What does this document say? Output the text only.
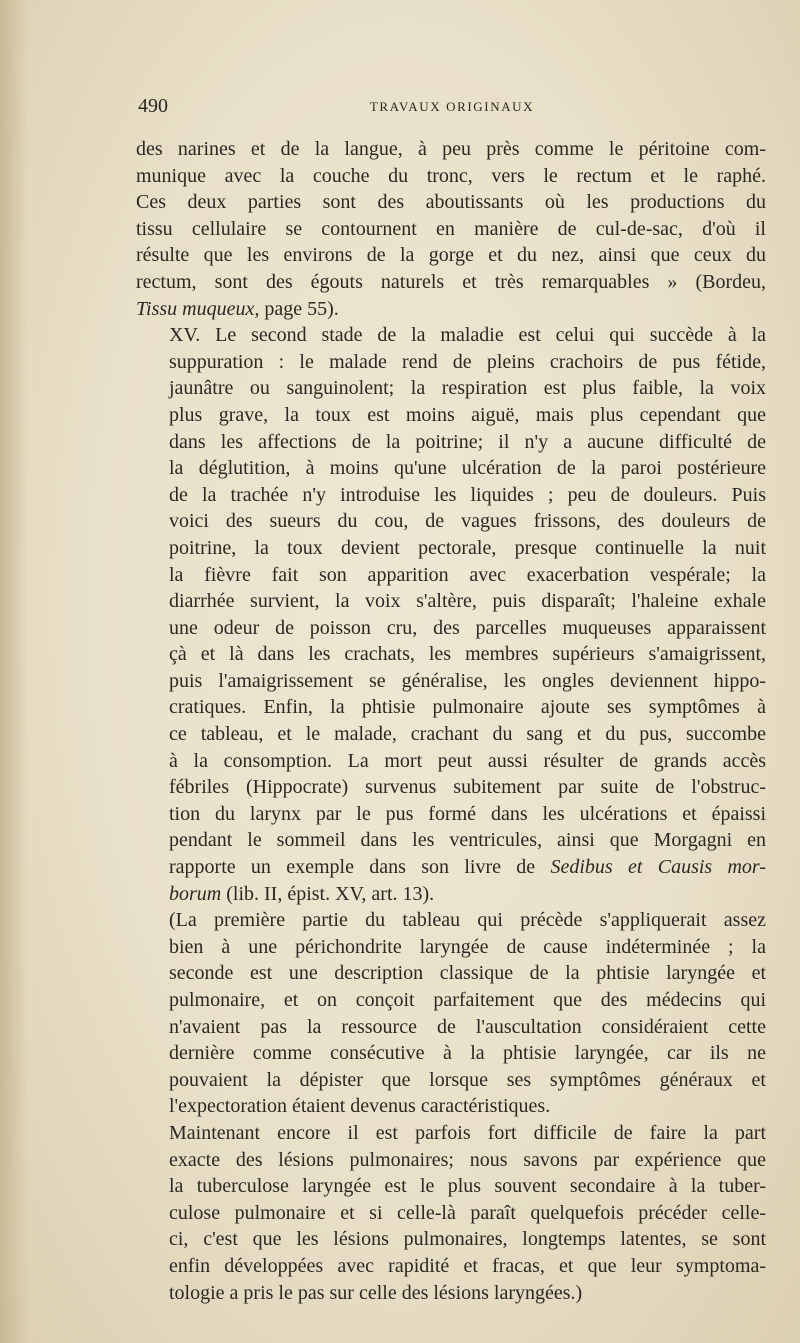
490	TRAVAUX ORIGINAUX

des narines et de la langue, à peu près comme le péritoine com-
munique avec la couche du tronc, vers le rectum et le raphé.
Ces deux parties sont des aboutissants où les productions du
tissu cellulaire se contournent en manière de cul-de-sac, d'où il
résulte que les environs de la gorge et du nez, ainsi que ceux du
rectum, sont des égouts naturels et très remarquables » (Bordeu,
Tissu muqueux, page 55).

XV. Le second stade de la maladie est celui qui succède à la
suppuration : le malade rend de pleins crachoirs de pus fétide,
jaunâtre ou sanguinolent; la respiration est plus faible, la voix
plus grave, la toux est moins aiguë, mais plus cependant que
dans les affections de la poitrine; il n'y a aucune difficulté de
la déglutition, à moins qu'une ulcération de la paroi postérieure
de la trachée n'y introduise les liquides ; peu de douleurs. Puis
voici des sueurs du cou, de vagues frissons, des douleurs de
poitrine, la toux devient pectorale, presque continuelle la nuit
la fièvre fait son apparition avec exacerbation vespérale; la
diarrhée survient, la voix s'altère, puis disparaît; l'haleine exhale
une odeur de poisson cru, des parcelles muqueuses apparaissent
çà et là dans les crachats, les membres supérieurs s'amaigrissent,
puis l'amaigrissement se généralise, les ongles deviennent hippo-
cratiques. Enfin, la phtisie pulmonaire ajoute ses symptômes à
ce tableau, et le malade, crachant du sang et du pus, succombe
à la consomption. La mort peut aussi résulter de grands accès
fébriles (Hippocrate) survenus subitement par suite de l'obstruc-
tion du larynx par le pus formé dans les ulcérations et épaissi
pendant le sommeil dans les ventricules, ainsi que Morgagni en
rapporte un exemple dans son livre de Sedibus et Causis mor-
borum (lib. II, épist. XV, art. 13).

(La première partie du tableau qui précède s'appliquerait assez
bien à une périchondrite laryngée de cause indéterminée ; la
seconde est une description classique de la phtisie laryngée et
pulmonaire, et on conçoit parfaitement que des médecins qui
n'avaient pas la ressource de l'auscultation considéraient cette
dernière comme consécutive à la phtisie laryngée, car ils ne
pouvaient la dépister que lorsque ses symptômes généraux et
l'expectoration étaient devenus caractéristiques.

Maintenant encore il est parfois fort difficile de faire la part
exacte des lésions pulmonaires; nous savons par expérience que
la tuberculose laryngée est le plus souvent secondaire à la tuber-
culose pulmonaire et si celle-là paraît quelquefois précéder celle-
ci, c'est que les lésions pulmonaires, longtemps latentes, se sont
enfin développées avec rapidité et fracas, et que leur symptoma-
tologie a pris le pas sur celle des lésions laryngées.)
